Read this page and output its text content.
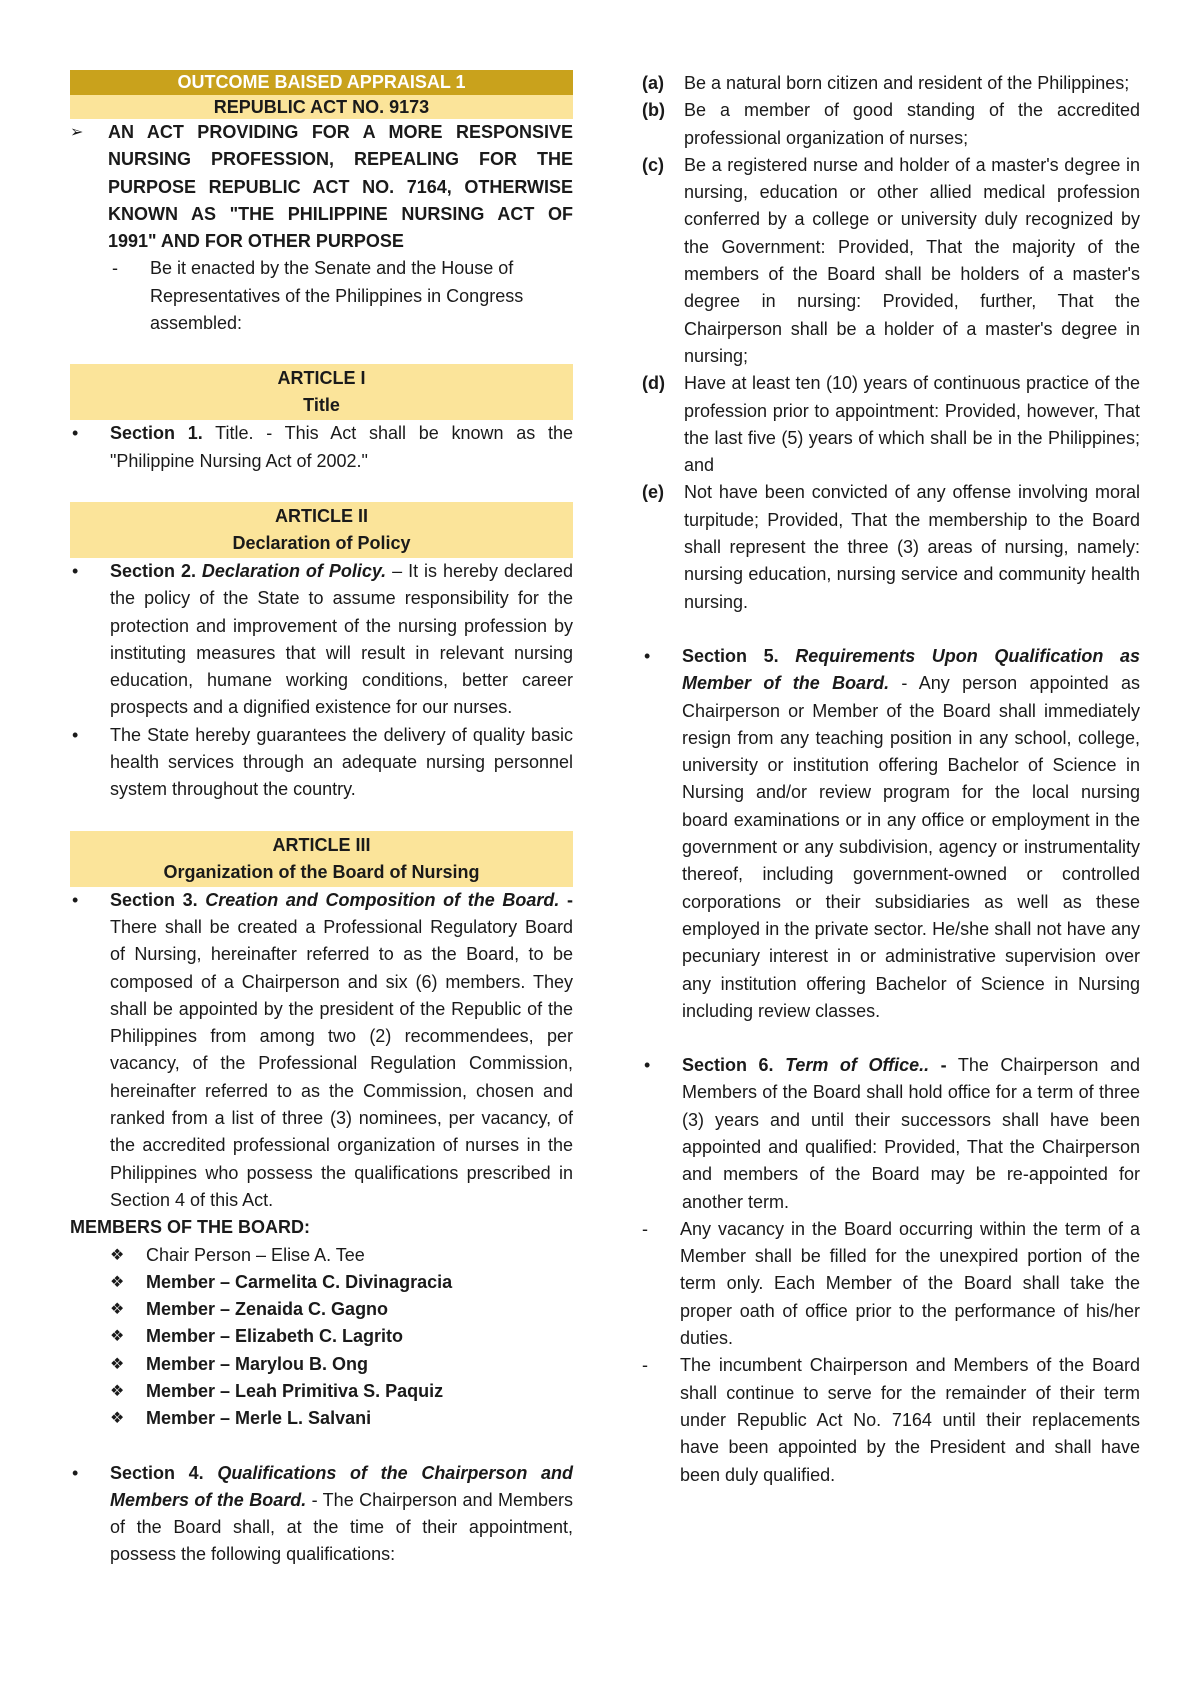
OUTCOME BAISED APPRAISAL 1
REPUBLIC ACT NO. 9173
➢	AN ACT PROVIDING FOR A MORE RESPONSIVE NURSING PROFESSION, REPEALING FOR THE PURPOSE REPUBLIC ACT NO. 7164, OTHERWISE KNOWN AS "THE PHILIPPINE NURSING ACT OF 1991" AND FOR OTHER PURPOSE

-	Be it enacted by the Senate and the House of Representatives of the Philippines in Congress assembled:

ARTICLE I
Title
•	Section 1. Title. - This Act shall be known as the "Philippine Nursing Act of 2002."

ARTICLE II
Declaration of Policy
•	Section 2. Declaration of Policy. – It is hereby declared the policy of the State to assume responsibility for the protection and improvement of the nursing profession by instituting measures that will result in relevant nursing education, humane working conditions, better career prospects and a dignified existence for our nurses.

•	The State hereby guarantees the delivery of quality basic health services through an adequate nursing personnel system throughout the country.

ARTICLE III
Organization of the Board of Nursing
•	Section 3. Creation and Composition of the Board. - There shall be created a Professional Regulatory Board of Nursing, hereinafter referred to as the Board, to be composed of a Chairperson and six (6) members. They shall be appointed by the president of the Republic of the Philippines from among two (2) recommendees, per vacancy, of the Professional Regulation Commission, hereinafter referred to as the Commission, chosen and ranked from a list of three (3) nominees, per vacancy, of the accredited professional organization of nurses in the Philippines who possess the qualifications prescribed in Section 4 of this Act.

MEMBERS OF THE BOARD:

❖	Chair Person – Elise A. Tee

❖	Member – Carmelita C. Divinagracia

❖	Member – Zenaida C. Gagno

❖	Member – Elizabeth C. Lagrito

❖	Member – Marylou B. Ong

❖	Member – Leah Primitiva S. Paquiz

❖	Member – Merle L. Salvani

•	Section 4. Qualifications of the Chairperson and Members of the Board. - The Chairperson and Members of the Board shall, at the time of their appointment, possess the following qualifications:

(a)	Be a natural born citizen and resident of the Philippines;

(b)	Be a member of good standing of the accredited professional organization of nurses;

(c)	Be a registered nurse and holder of a master's degree in nursing, education or other allied medical profession conferred by a college or university duly recognized by the Government: Provided, That the majority of the members of the Board shall be holders of a master's degree in nursing: Provided, further, That the Chairperson shall be a holder of a master's degree in nursing;

(d)	Have at least ten (10) years of continuous practice of the profession prior to appointment: Provided, however, That the last five (5) years of which shall be in the Philippines; and

(e)	Not have been convicted of any offense involving moral turpitude; Provided, That the membership to the Board shall represent the three (3) areas of nursing, namely: nursing education, nursing service and community health nursing.

•	Section 5. Requirements Upon Qualification as Member of the Board. - Any person appointed as Chairperson or Member of the Board shall immediately resign from any teaching position in any school, college, university or institution offering Bachelor of Science in Nursing and/or review program for the local nursing board examinations or in any office or employment in the government or any subdivision, agency or instrumentality thereof, including government-owned or controlled corporations or their subsidiaries as well as these employed in the private sector. He/she shall not have any pecuniary interest in or administrative supervision over any institution offering Bachelor of Science in Nursing including review classes.

•	Section 6. Term of Office.. - The Chairperson and Members of the Board shall hold office for a term of three (3) years and until their successors shall have been appointed and qualified: Provided, That the Chairperson and members of the Board may be re-appointed for another term.

-	Any vacancy in the Board occurring within the term of a Member shall be filled for the unexpired portion of the term only. Each Member of the Board shall take the proper oath of office prior to the performance of his/her duties.

-	The incumbent Chairperson and Members of the Board shall continue to serve for the remainder of their term under Republic Act No. 7164 until their replacements have been appointed by the President and shall have been duly qualified.
